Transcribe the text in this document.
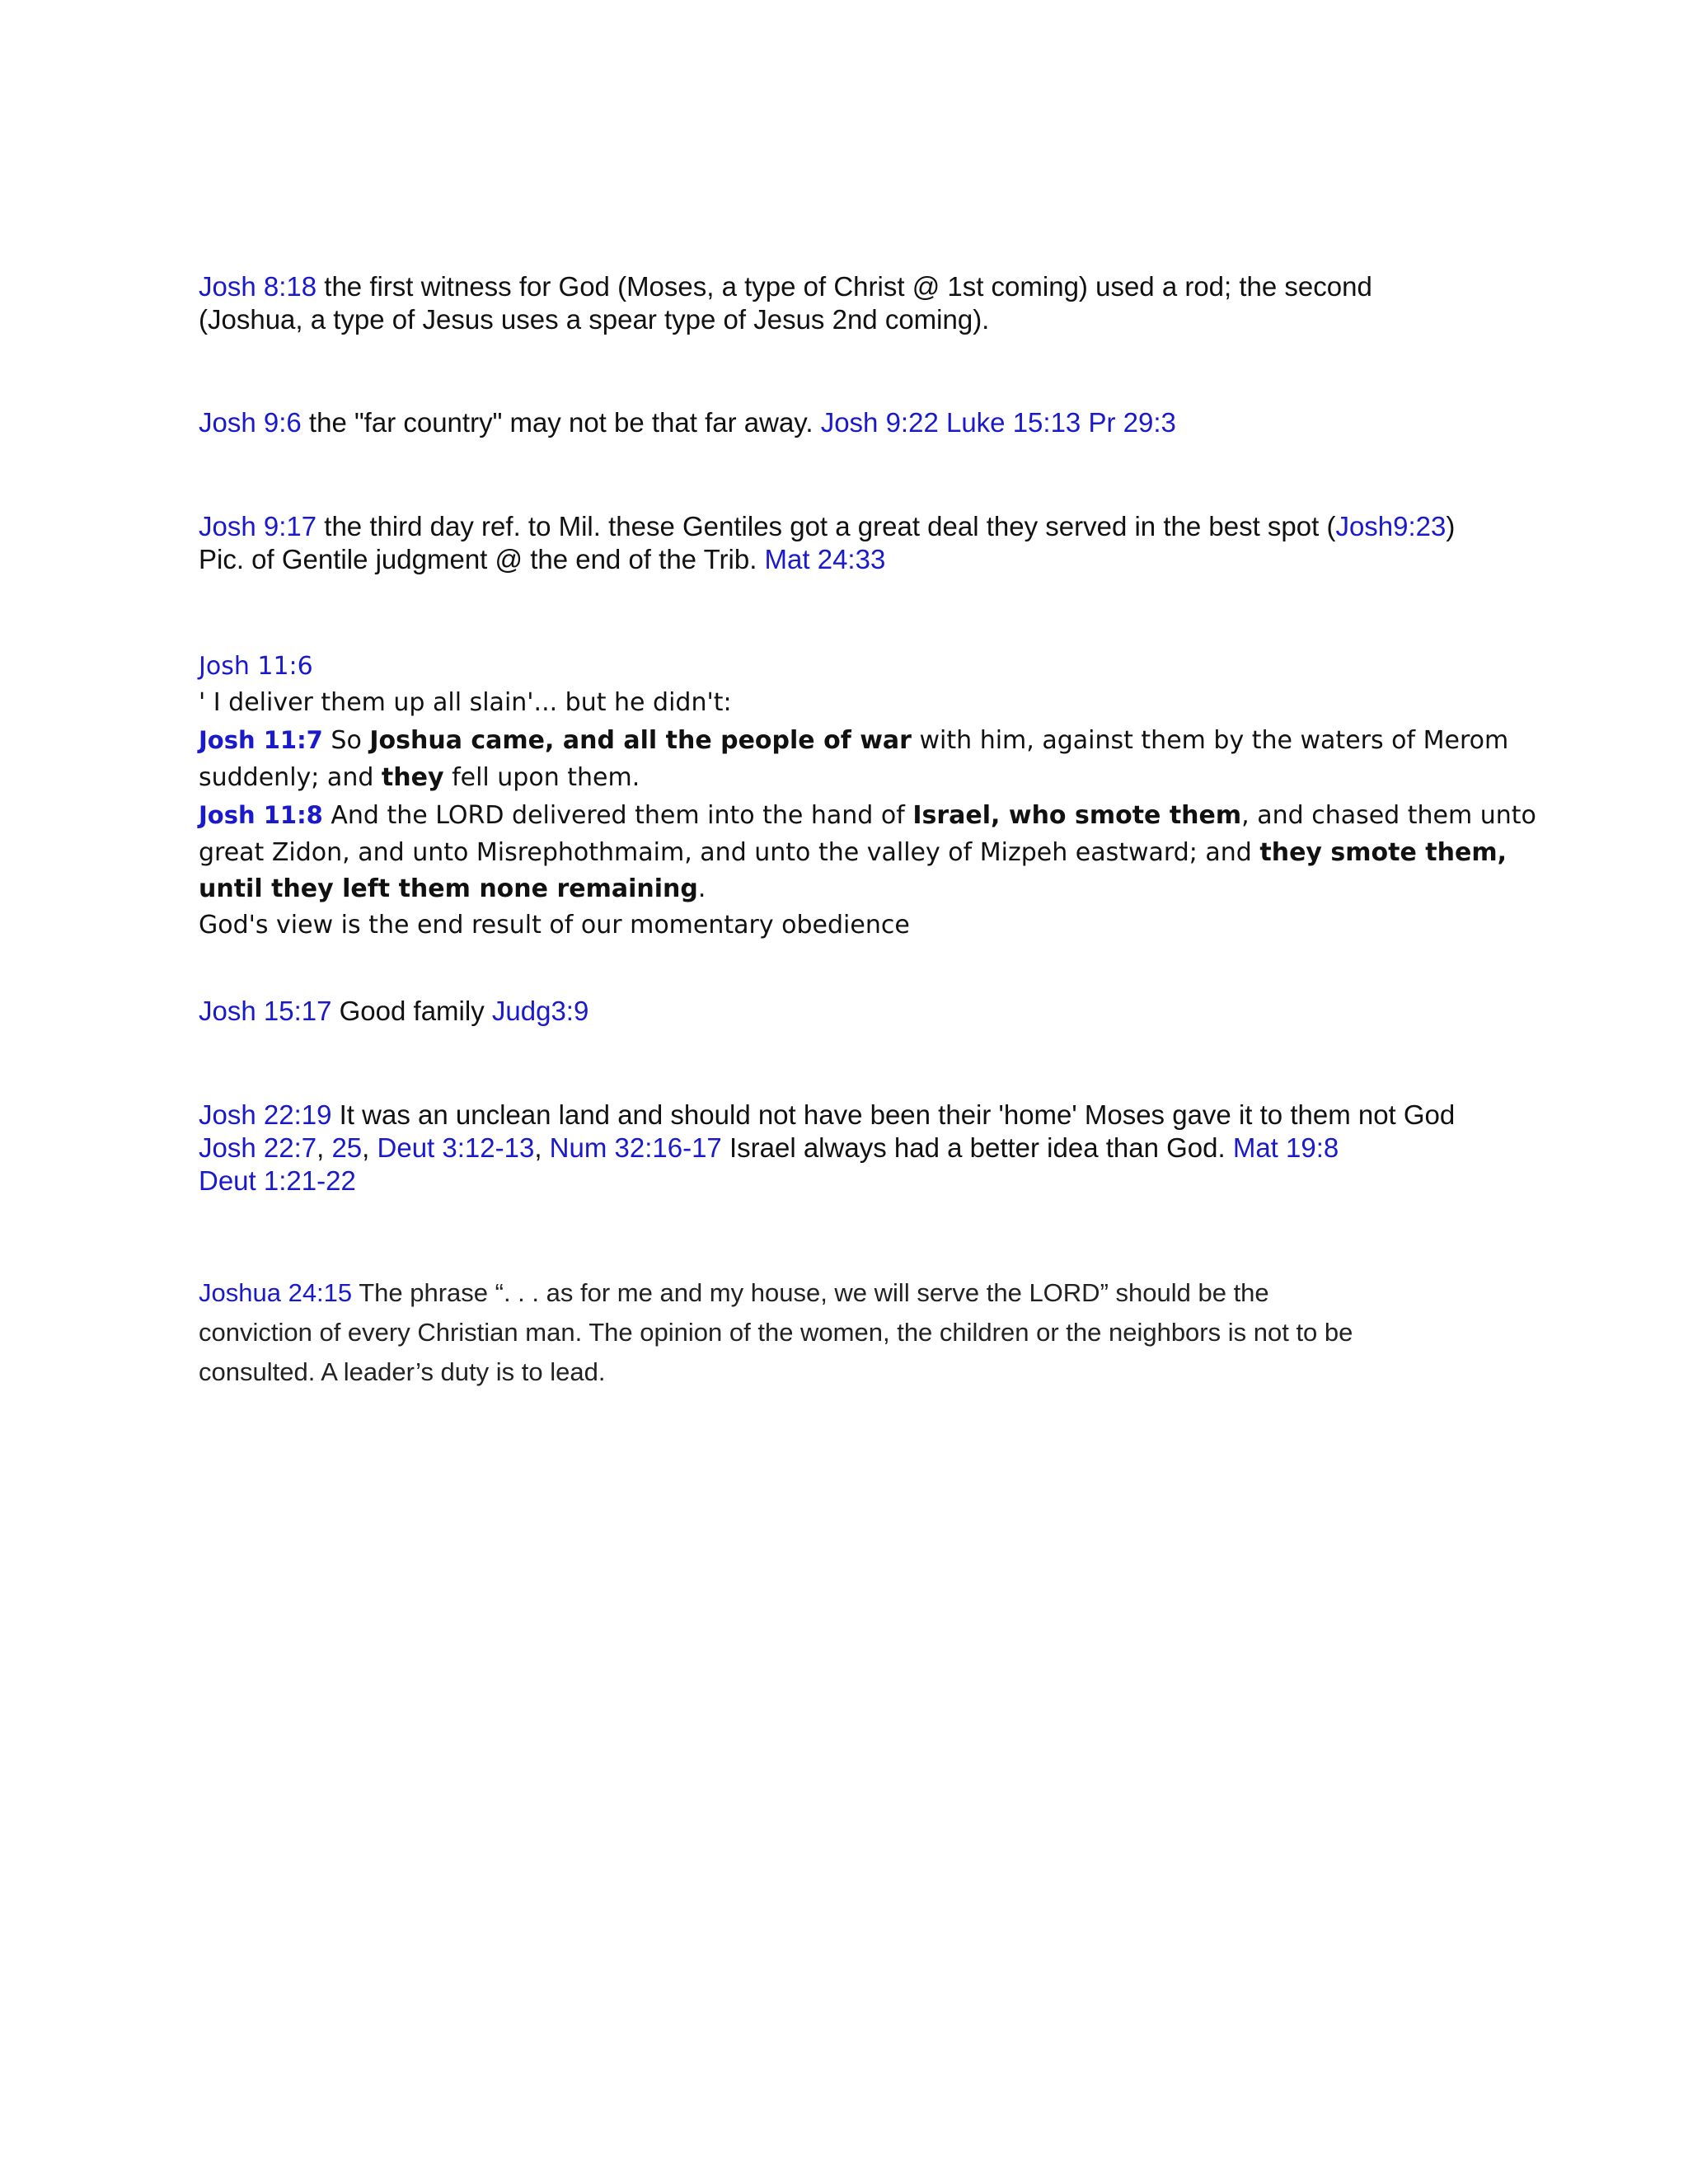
Josh 8:18 the first witness for God (Moses, a type of Christ @ 1st coming) used a rod; the second
(Joshua, a type of Jesus uses a spear type of Jesus 2nd coming).
Josh 9:6 the "far country" may not be that far away. Josh 9:22 Luke 15:13 Pr 29:3
Josh 9:17 the third day ref. to Mil. these Gentiles got a great deal they served in the best spot (Josh9:23)
Pic. of Gentile judgment @ the end of the Trib. Mat 24:33
Josh 11:6
' I deliver them up all slain'... but he didn't:
Josh 11:7 So Joshua came, and all the people of war with him, against them by the waters of Merom
suddenly; and they fell upon them.
Josh 11:8 And the LORD delivered them into the hand of Israel, who smote them, and chased them unto
great Zidon, and unto Misrephothmaim, and unto the valley of Mizpeh eastward; and they smote them,
until they left them none remaining.
God's view is the end result of our momentary obedience
Josh 15:17 Good family Judg3:9
Josh 22:19 It was an unclean land and should not have been their 'home' Moses gave it to them not God
Josh 22:7, 25, Deut 3:12-13, Num 32:16-17 Israel always had a better idea than God. Mat 19:8
Deut 1:21-22
Joshua 24:15 The phrase “. . . as for me and my house, we will serve the LORD” should be the
conviction of every Christian man. The opinion of the women, the children or the neighbors is not to be
consulted. A leader’s duty is to lead.
